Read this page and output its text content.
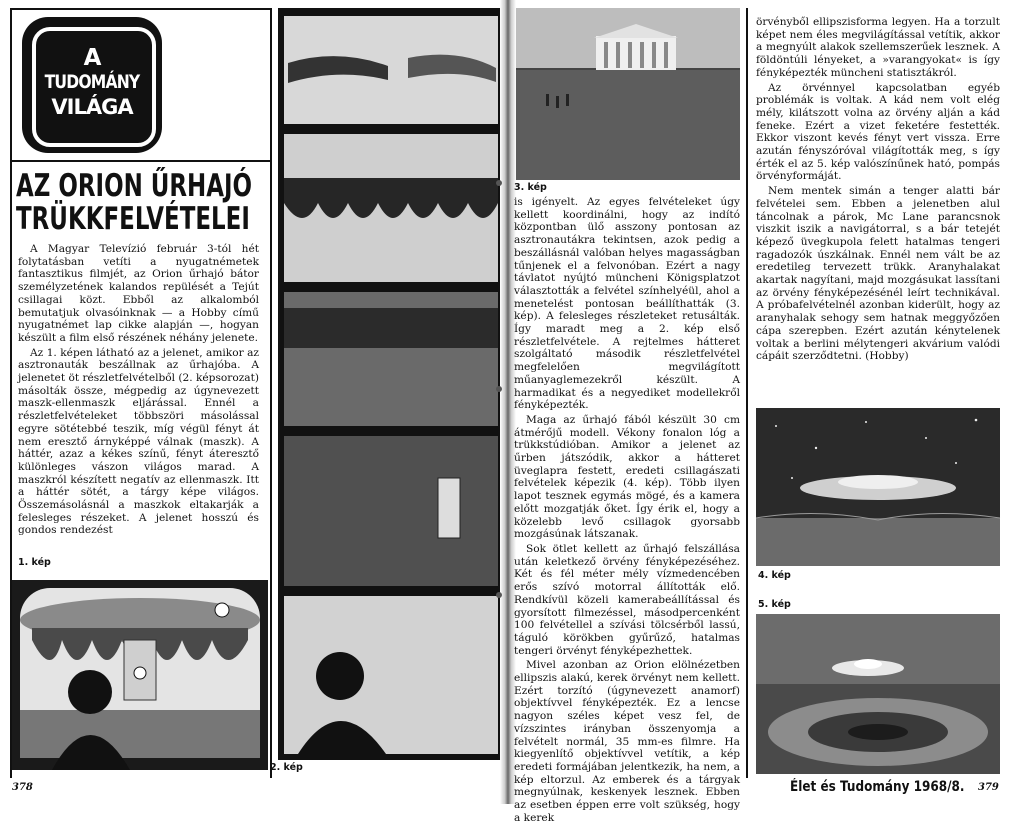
A
TUDOMÁNY
VILÁGA
AZ ORION ŰRHAJÓ
TRÜKKFELVÉTELEI

A Magyar Televízió február 3-tól hét folytatásban vetíti a nyugatnémetek fantasztikus filmjét, az Orion űrhajó bátor személyzetének kalandos repülését a Tejút csillagai közt. Ebből az alkalomból bemutatjuk olvasóinknak — a Hobby című nyugatnémet lap cikke alapján —, hogyan készült a film első részének néhány jelenete.

Az 1. képen látható az a jelenet, amikor az asztronauták beszállnak az űrhajóba. A jelenetet öt részletfelvételből (2. képsorozat) másolták össze, mégpedig az úgynevezett maszk-ellenmaszk eljárással. Ennél a részletfelvételeket többszöri másolással egyre sötétebbé teszik, míg végül fényt át nem eresztő árnyképpé válnak (maszk). A háttér, azaz a kékes színű, fényt áteresztő különleges vászon világos marad. A maszkról készített negatív az ellenmaszk. Itt a háttér sötét, a tárgy képe világos. Összemásolásnál a maszkok eltakarják a felesleges részeket. A jelenet hosszú és gondos rendezést

1. kép
2. kép
3. kép

is igényelt. Az egyes felvételeket úgy kellett koordinálni, hogy az indító központban ülő asszony pontosan az asztronautákra tekintsen, azok pedig a beszállásnál valóban helyes magasságban tűnjenek el a felvonóban. Ezért a nagy távlatot nyújtó müncheni Königsplatzot választották a felvétel színhelyéül, ahol a menetelést pontosan beállíthatták (3. kép). A felesleges részleteket retusálták. Így maradt meg a 2. kép első részletfelvétele. A rejtelmes hátteret szolgáltató második részletfelvétel megfelelően megvilágított műanyaglemezekről készült. A harmadikat és a negyediket modellekről fényképezték.

Maga az űrhajó fából készült 30 cm átmérőjű modell. Vékony fonalon lóg a trükkstúdióban. Amikor a jelenet az űrben játszódik, akkor a hátteret üveglapra festett, eredeti csillagászati felvételek képezik (4. kép). Több ilyen lapot tesznek egymás mögé, és a kamera előtt mozgatják őket. Így érik el, hogy a közelebb levő csillagok gyorsabb mozgásúnak látszanak.

Sok ötlet kellett az űrhajó felszállása után keletkező örvény fényképezéséhez. Két és fél méter mély vízmedencében erős szívó motorral állították elő. Rendkívül közeli kamerabeállítással és gyorsított filmezéssel, másodpercenként 100 felvétellel a szívási tölcsérből lassú, táguló körökben gyűrűző, hatalmas tengeri örvényt fényképezhettek.

Mivel azonban az Orion elölnézetben ellipszis alakú, kerek örvényt nem kellett. Ezért torzító (úgynevezett anamorf) objektívvel fényképezték. Ez a lencse nagyon széles képet vesz fel, de vízszintes irányban összenyomja a felvételt normál, 35 mm-es filmre. Ha kiegyenlítő objektívvel vetítik, a kép eredeti formájában jelentkezik, ha nem, a kép eltorzul. Az emberek és a tárgyak megnyúlnak, keskenyek lesznek. Ebben az esetben éppen erre volt szükség, hogy a kerek

örvényből ellipszisforma legyen. Ha a torzult képet nem éles megvilágítással vetítik, akkor a megnyúlt alakok szellemszerűek lesznek. A földöntúli lényeket, a »varangyokat« is így fényképezték müncheni statisztákról.

Az örvénnyel kapcsolatban egyéb problémák is voltak. A kád nem volt elég mély, kilátszott volna az örvény alján a kád feneke. Ezért a vizet feketére festették. Ekkor viszont kevés fényt vert vissza. Erre azután fényszóróval világították meg, s így érték el az 5. kép valószínűnek ható, pompás örvényformáját.

Nem mentek simán a tenger alatti bár felvételei sem. Ebben a jelenetben alul táncolnak a párok, Mc Lane parancsnok viszkit iszik a navigátorral, s a bár tetejét képező üvegkupola felett hatalmas tengeri ragadozók úszkálnak. Ennél nem vált be az eredetileg tervezett trükk. Aranyhalakat akartak nagyítani, majd mozgásukat lassítani az örvény fényképezésénél leírt technikával. A próbafelvételnél azonban kiderült, hogy az aranyhalak sehogy sem hatnak meggyőzően cápa szerepben. Ezért azután kénytelenek voltak a berlini mélytengeri akvárium valódi cápáit szerződtetni. (Hobby)

4. kép
5. kép
378	Élet és Tudomány 1968/8. 379
